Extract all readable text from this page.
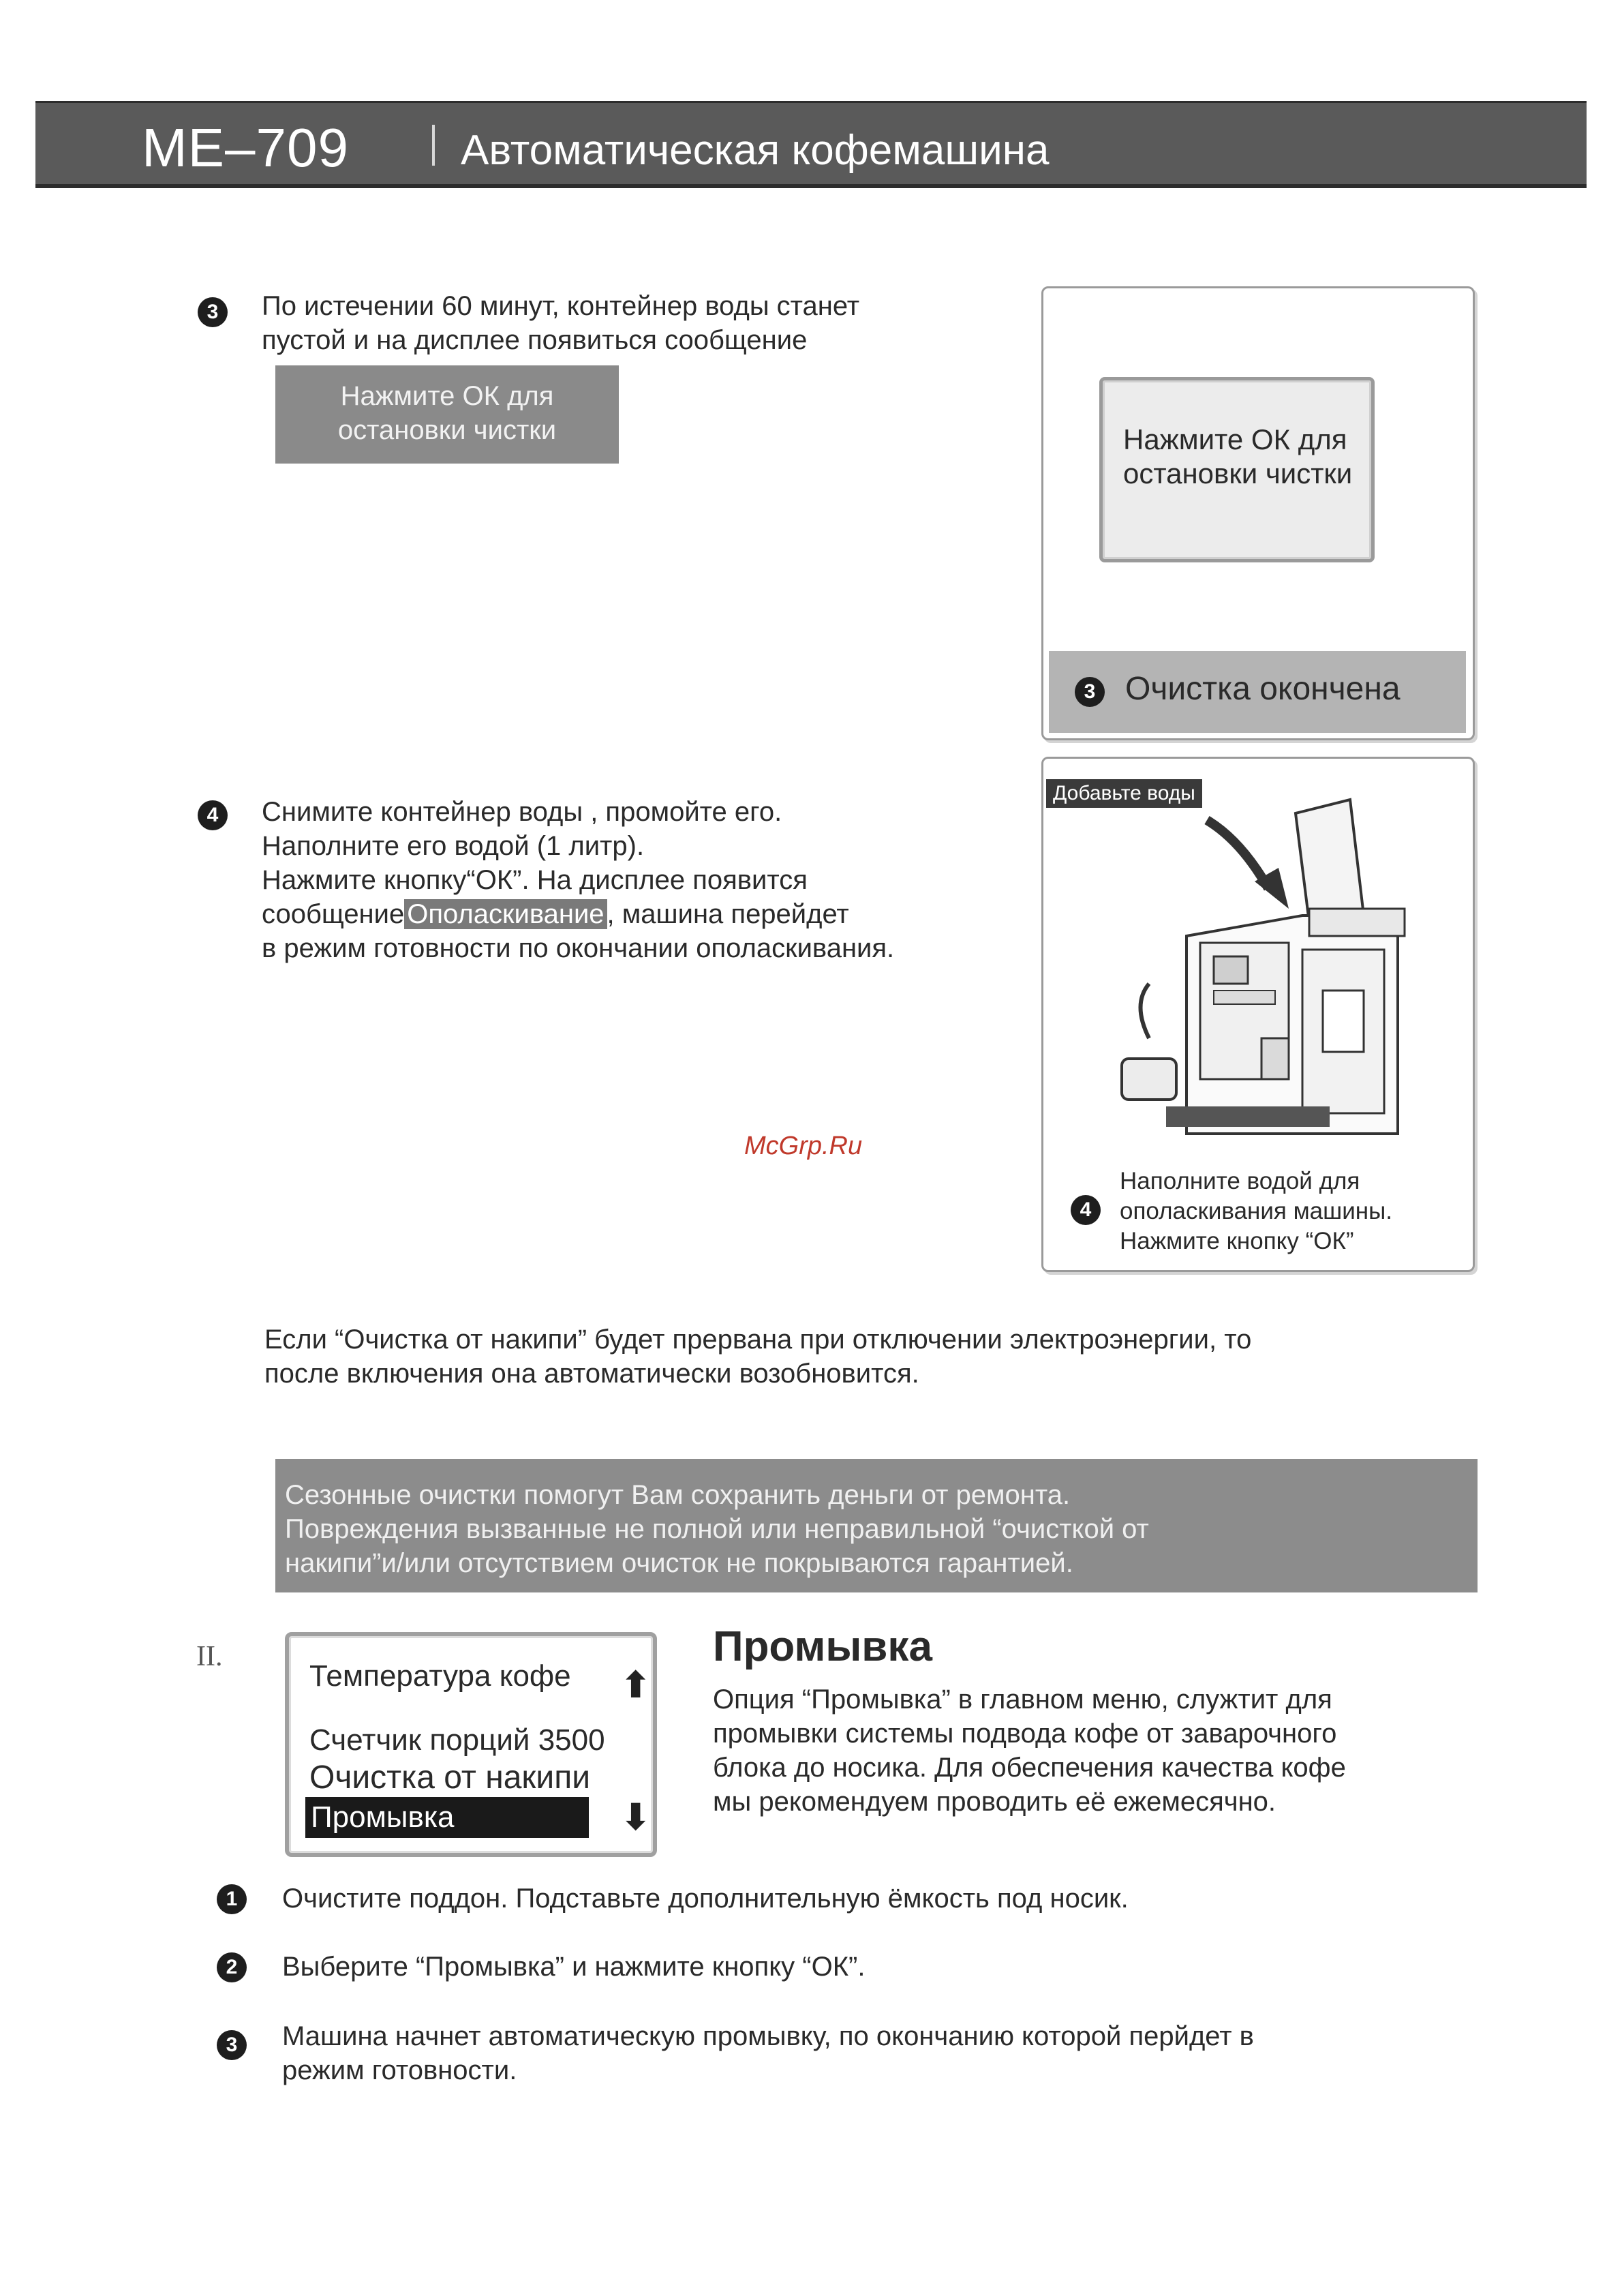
ME–709	Автоматическая кофемашина
3	По истечении 60 минут, контейнер воды станет
пустой и на дисплее появиться сообщение
Нажмите ОК для
остановки чистки	Нажмите ОК для
остановки чистки
3 Очистка окончена
4	Снимите контейнер воды , промойте его.
Наполните его водой (1 литр).
Нажмите кнопку“ОК”. На дисплее появится
сообщение Ополаскивание , машина перейдет
в режим готовности по окончании ополаскивания.
Добавьте воды
4
Наполните водой для
ополаскивания машины.
Нажмите кнопку “ОК”
McGrp.Ru
Если “Очистка от накипи” будет прервана при отключении электроэнергии, то
после включения она автоматически возобновится.
Сезонные очистки помогут Вам сохранить деньги от ремонта.
Повреждения вызванные не полной или неправильной “очисткой от
накипи”и/или отсутствием очисток не покрываются гарантией.
II.
Температура кофе ⬆
Счетчик порций 3500
Очистка от накипи
Промывка	⬇
Промывка
Опция “Промывка” в главном меню, служтит для
промывки системы подвода кофе от заварочного
блока до носика. Для обеспечения качества кофе
мы рекомендуем проводить её ежемесячно.
1	Очистите поддон. Подставьте дополнительную ёмкость под носик.
2	Выберите “Промывка” и нажмите кнопку “ОК”.
3	Машина начнет автоматическую промывку, по окончанию которой перйдет в
режим готовности.
